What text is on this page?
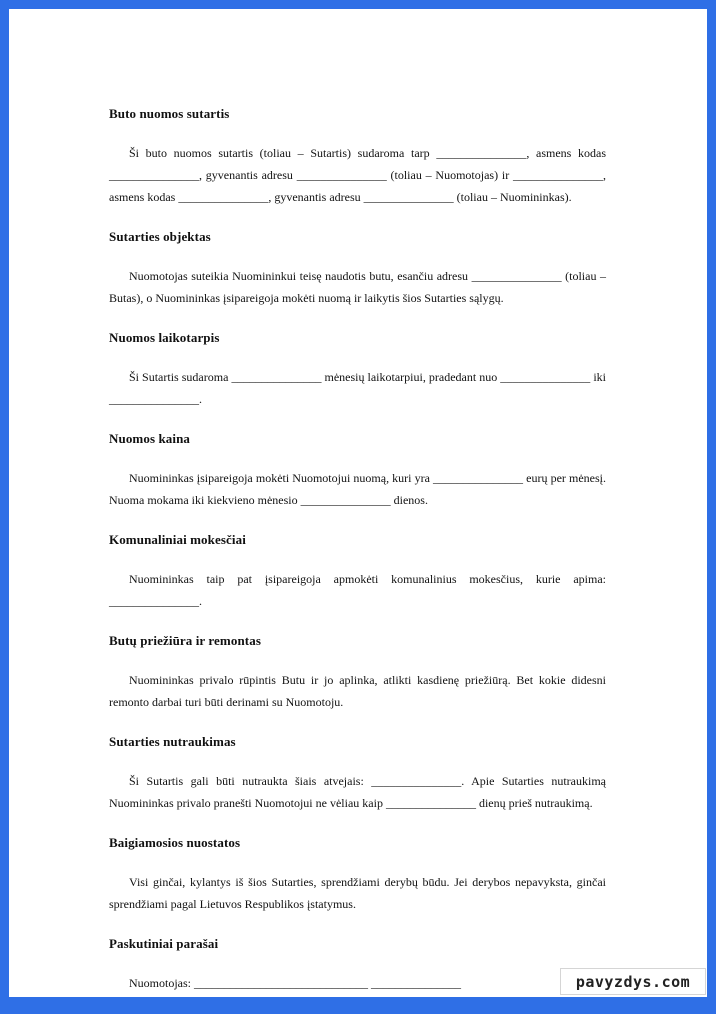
Buto nuomos sutartis

Ši buto nuomos sutartis (toliau – Sutartis) sudaroma tarp _______________, asmens kodas _______________, gyvenantis adresu _______________ (toliau – Nuomotojas) ir _______________, asmens kodas _______________, gyvenantis adresu _______________ (toliau – Nuomininkas).

Sutarties objektas

Nuomotojas suteikia Nuomininkui teisę naudotis butu, esančiu adresu _______________ (toliau – Butas), o Nuomininkas įsipareigoja mokėti nuomą ir laikytis šios Sutarties sąlygų.

Nuomos laikotarpis

Ši Sutartis sudaroma _______________ mėnesių laikotarpiui, pradedant nuo _______________ iki _______________.

Nuomos kaina

Nuomininkas įsipareigoja mokėti Nuomotojui nuomą, kuri yra _______________ eurų per mėnesį. Nuoma mokama iki kiekvieno mėnesio _______________ dienos.

Komunaliniai mokesčiai

Nuomininkas taip pat įsipareigoja apmokėti komunalinius mokesčius, kurie apima: _______________.

Butų priežiūra ir remontas

Nuomininkas privalo rūpintis Butu ir jo aplinka, atlikti kasdienę priežiūrą. Bet kokie didesni remonto darbai turi būti derinami su Nuomotoju.

Sutarties nutraukimas

Ši Sutartis gali būti nutraukta šiais atvejais: _______________. Apie Sutarties nutraukimą Nuomininkas privalo pranešti Nuomotojui ne vėliau kaip _______________ dienų prieš nutraukimą.

Baigiamosios nuostatos

Visi ginčai, kylantys iš šios Sutarties, sprendžiami derybų būdu. Jei derybos nepavyksta, ginčai sprendžiami pagal Lietuvos Respublikos įstatymus.

Paskutiniai parašai

Nuomotojas: _____________________________ _______________	pavyzdys.com
